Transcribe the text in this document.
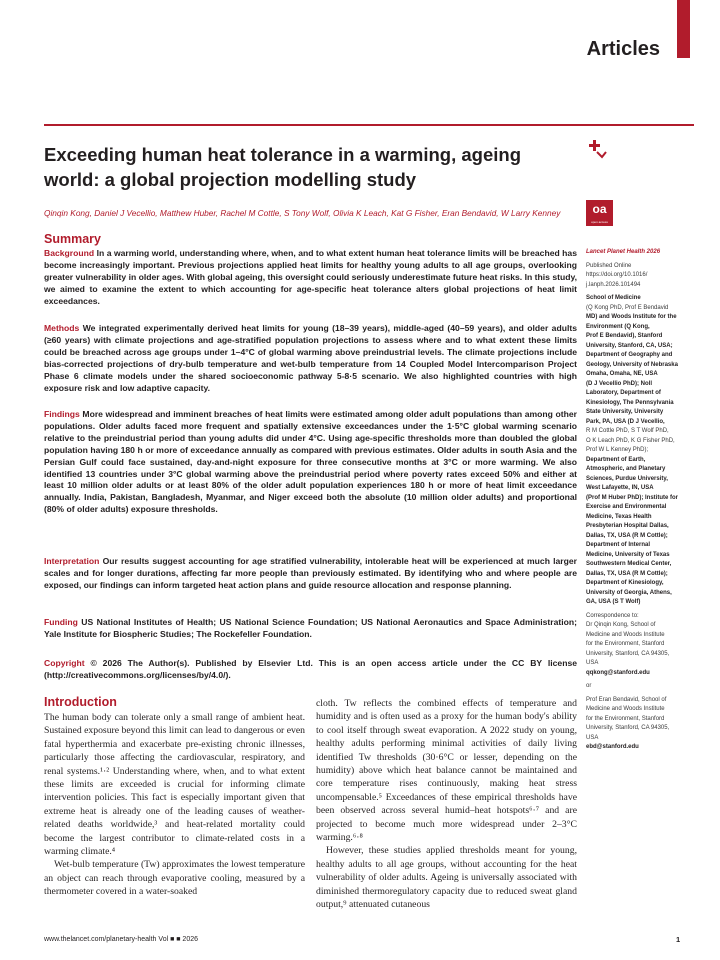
Articles
Exceeding human heat tolerance in a warming, ageing world: a global projection modelling study
Qinqin Kong, Daniel J Vecellio, Matthew Huber, Rachel M Cottle, S Tony Wolf, Olivia K Leach, Kat G Fisher, Eran Bendavid, W Larry Kenney	oa
open access
Summary
Background In a warming world, understanding where, when, and to what extent human heat tolerance limits will be breached has become increasingly important. Previous projections applied heat limits for healthy young adults to all age groups, overlooking greater vulnerability in older ages. With global ageing, this oversight could seriously underestimate future heat risks. In this study, we aimed to examine the extent to which accounting for age-specific heat tolerance alters global projections of heat limit exceedances.
Methods We integrated experimentally derived heat limits for young (18–39 years), middle-aged (40–59 years), and older adults (≥60 years) with climate projections and age-stratified population projections to assess where and to what extent these limits could be breached across age groups under 1–4°C of global warming above preindustrial levels. The climate projections include bias-corrected projections of dry-bulb temperature and wet-bulb temperature from 14 Coupled Model Intercomparison Project Phase 6 climate models under the shared socioeconomic pathway 5-8·5 scenario. We also highlighted countries with high exposure risk and low adaptive capacity.
Findings More widespread and imminent breaches of heat limits were estimated among older adult populations than among other populations. Older adults faced more frequent and spatially extensive exceedances under the 1·5°C global warming scenario relative to the preindustrial period than young adults did under 4°C. Using age-specific thresholds more than doubled the global population having 180 h or more of exceedance annually as compared with previous estimates. Older adults in south Asia and the Persian Gulf could face sustained, day-and-night exposure for three consecutive months at 3°C or more warming. We also identified 13 countries under 3°C global warming above the preindustrial period where poverty rates exceed 50% and either at least 10 million older adults or at least 80% of the older adult population experiences 180 h or more of heat limit exceedance annually. India, Pakistan, Bangladesh, Myanmar, and Niger exceed both the absolute (10 million older adults) and proportional (80% of older adults) exposure thresholds.
Interpretation Our results suggest accounting for age stratified vulnerability, intolerable heat will be experienced at much larger scales and for longer durations, affecting far more people than previously estimated. By identifying who and where people are exposed, our findings can inform targeted heat action plans and guide resource allocation and response planning.
Funding US National Institutes of Health; US National Science Foundation; US National Aeronautics and Space Administration; Yale Institute for Biospheric Studies; The Rockefeller Foundation.
Copyright © 2026 The Author(s). Published by Elsevier Ltd. This is an open access article under the CC BY license (http://creativecommons.org/licenses/by/4.0/).
Lancet Planet Health 2026
Published Online
https://doi.org/10.1016/
j.lanph.2026.101494
School of Medicine
(Q Kong PhD, Prof E Bendavid
MD) and Woods Institute for the
Environment (Q Kong,
Prof E Bendavid), Stanford
University, Stanford, CA, USA;
Department of Geography and
Geology, University of Nebraska
Omaha, Omaha, NE, USA
(D J Vecellio PhD); Noll
Laboratory, Department of
Kinesiology, The Pennsylvania
State University, University
Park, PA, USA (D J Vecellio,
R M Cottle PhD, S T Wolf PhD,
O K Leach PhD, K G Fisher PhD,
Prof W L Kenney PhD);
Department of Earth,
Atmospheric, and Planetary
Sciences, Purdue University,
West Lafayette, IN, USA
(Prof M Huber PhD); Institute for
Exercise and Environmental
Medicine, Texas Health
Presbyterian Hospital Dallas,
Dallas, TX, USA (R M Cottle);
Department of Internal
Medicine, University of Texas
Southwestern Medical Center,
Dallas, TX, USA (R M Cottle);
Department of Kinesiology,
University of Georgia, Athens,
GA, USA (S T Wolf)
Correspondence to:
Dr Qinqin Kong, School of
Medicine and Woods Institute
for the Environment, Stanford
University, Stanford, CA 94305,
USA
qqkong@stanford.edu
or
Prof Eran Bendavid, School of
Medicine and Woods Institute
for the Environment, Stanford
University, Stanford, CA 94305,
USA
ebd@stanford.edu
Introduction

The human body can tolerate only a small range of ambient heat. Sustained exposure beyond this limit can lead to dangerous or even fatal hyperthermia and exacerbate pre-existing chronic illnesses, particularly those affecting the cardiovascular, respiratory, and renal systems.¹·² Understanding where, when, and to what extent these limits are exceeded is crucial for informing climate intervention policies. This fact is especially important given that extreme heat is already one of the leading causes of weather-related deaths worldwide,³ and heat-related mortality could become the largest contributor to climate-related costs in a warming climate.⁴

Wet-bulb temperature (Tw) approximates the lowest temperature an object can reach through evaporative cooling, measured by a thermometer covered in a water-soaked

cloth. Tw reflects the combined effects of temperature and humidity and is often used as a proxy for the human body's ability to cool itself through sweat evaporation. A 2022 study on young, healthy adults performing minimal activities of daily living identified Tw thresholds (30·6°C or lesser, depending on the humidity) above which heat balance cannot be maintained and core temperature rises continuously, making heat stress uncompensable.⁵ Exceedances of these empirical thresholds have been observed across several humid–heat hotspots⁶·⁷ and are projected to become much more widespread under 2–3°C warming.⁶·⁸

However, these studies applied thresholds meant for young, healthy adults to all age groups, without accounting for the heat vulnerability of older adults. Ageing is universally associated with diminished thermoregulatory capacity due to reduced sweat gland output,⁹ attenuated cutaneous

www.thelancet.com/planetary-health Vol ■ ■ 2026	1
